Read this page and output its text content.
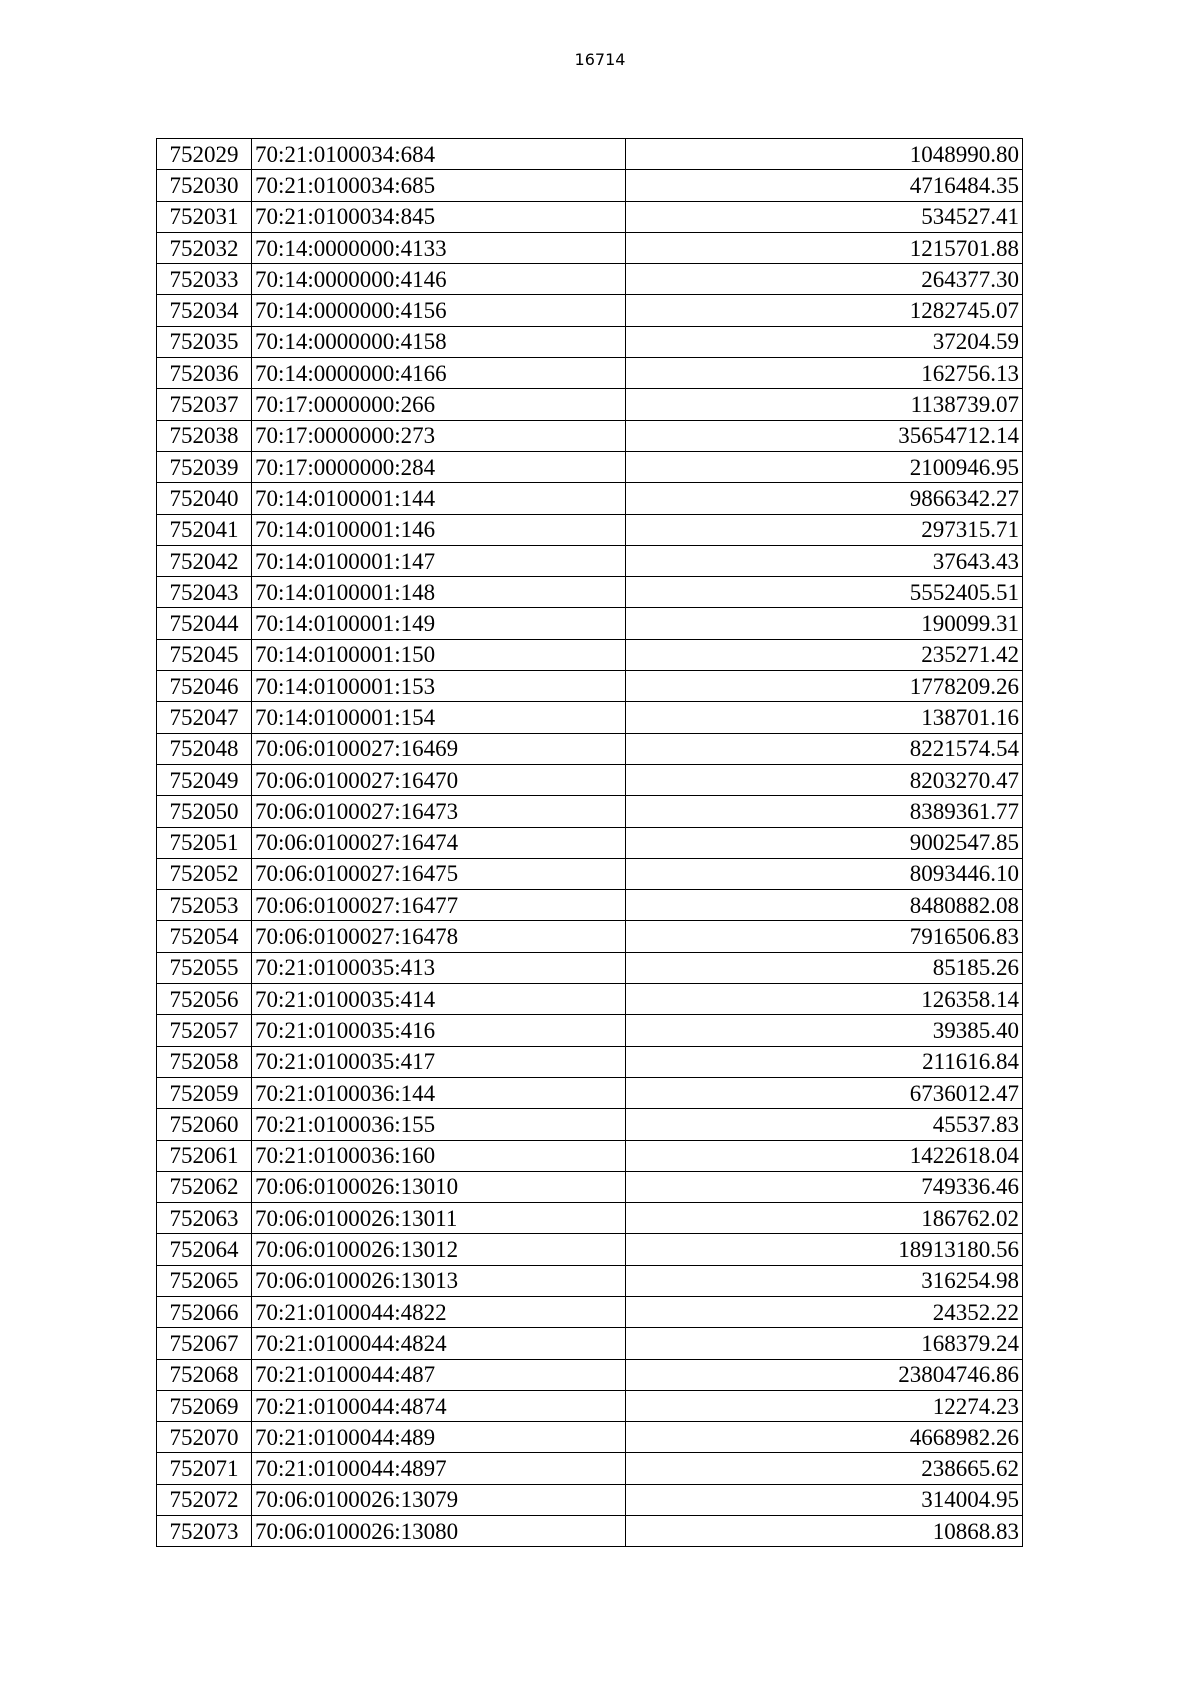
16714
752029	70:21:0100034:684	1048990.80
752030	70:21:0100034:685	4716484.35
752031	70:21:0100034:845	534527.41
752032	70:14:0000000:4133	1215701.88
752033	70:14:0000000:4146	264377.30
752034	70:14:0000000:4156	1282745.07
752035	70:14:0000000:4158	37204.59
752036	70:14:0000000:4166	162756.13
752037	70:17:0000000:266	1138739.07
752038	70:17:0000000:273	35654712.14
752039	70:17:0000000:284	2100946.95
752040	70:14:0100001:144	9866342.27
752041	70:14:0100001:146	297315.71
752042	70:14:0100001:147	37643.43
752043	70:14:0100001:148	5552405.51
752044	70:14:0100001:149	190099.31
752045	70:14:0100001:150	235271.42
752046	70:14:0100001:153	1778209.26
752047	70:14:0100001:154	138701.16
752048	70:06:0100027:16469	8221574.54
752049	70:06:0100027:16470	8203270.47
752050	70:06:0100027:16473	8389361.77
752051	70:06:0100027:16474	9002547.85
752052	70:06:0100027:16475	8093446.10
752053	70:06:0100027:16477	8480882.08
752054	70:06:0100027:16478	7916506.83
752055	70:21:0100035:413	85185.26
752056	70:21:0100035:414	126358.14
752057	70:21:0100035:416	39385.40
752058	70:21:0100035:417	211616.84
752059	70:21:0100036:144	6736012.47
752060	70:21:0100036:155	45537.83
752061	70:21:0100036:160	1422618.04
752062	70:06:0100026:13010	749336.46
752063	70:06:0100026:13011	186762.02
752064	70:06:0100026:13012	18913180.56
752065	70:06:0100026:13013	316254.98
752066	70:21:0100044:4822	24352.22
752067	70:21:0100044:4824	168379.24
752068	70:21:0100044:487	23804746.86
752069	70:21:0100044:4874	12274.23
752070	70:21:0100044:489	4668982.26
752071	70:21:0100044:4897	238665.62
752072	70:06:0100026:13079	314004.95
752073	70:06:0100026:13080	10868.83
